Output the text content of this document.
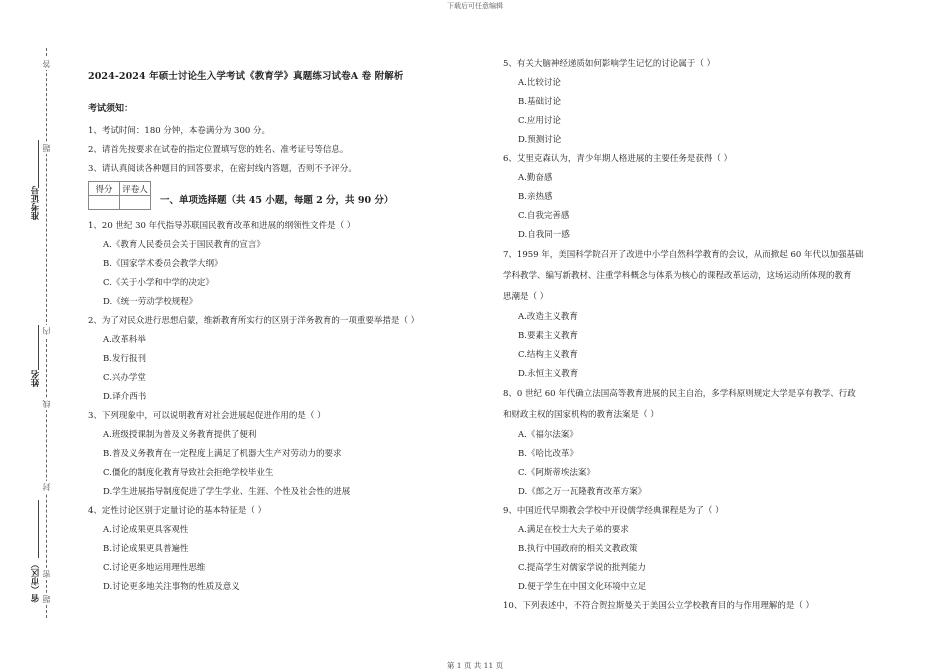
下载后可任意编辑
答
题
内
线
封
密
题
准考证号
姓名
省（市区）
2024-2024 年硕士讨论生入学考试《教育学》真题练习试卷A 卷 附解析
考试须知：
1、考试时间：180 分钟，本卷满分为 300 分。
2、请首先按要求在试卷的指定位置填写您的姓名、准考证号等信息。
3、请认真阅读各种题目的回答要求，在密封线内答题，否则不予评分。
得分	评卷人

一、单项选择题（共 45 小题，每题 2 分，共 90 分）
1、20 世纪 30 年代指导苏联国民教育改革和进展的纲领性文件是（ ）
A.《教育人民委员会关于国民教育的宣言》
B.《国家学术委员会教学大纲》
C.《关于小学和中学的决定》
D.《统一劳动学校规程》
2、为了对民众进行思想启蒙，维新教育所实行的区别于洋务教育的一项重要举措是（ ）
A.改革科举
B.发行报刊
C.兴办学堂
D.译介西书
3、下列现象中，可以说明教育对社会进展起促进作用的是（ ）
A.班级授课制为普及义务教育提供了便利
B.普及义务教育在一定程度上满足了机器大生产对劳动力的要求
C.僵化的制度化教育导致社会拒绝学校毕业生
D.学生进展指导制度促进了学生学业、生涯、个性及社会性的进展
4、定性讨论区别于定量讨论的基本特征是（ ）
A.讨论成果更具客观性
B.讨论成果更具普遍性
C.讨论更多地运用理性思维
D.讨论更多地关注事物的性质及意义
5、有关大脑神经递质如何影响学生记忆的讨论属于（ ）
A.比较讨论
B.基础讨论
C.应用讨论
D.预测讨论
6、艾里克森认为，青少年期人格进展的主要任务是获得（ ）
A.勤奋感
B.亲热感
C.自我完善感
D.自我同一感
7、1959 年，美国科学院召开了改进中小学自然科学教育的会议，从而掀起 60 年代以加强基础
学科教学、编写新教材、注重学科概念与体系为核心的课程改革运动，这场运动所体现的教育
思潮是（ ）
A.改造主义教育
B.要素主义教育
C.结构主义教育
D.永恒主义教育
8、0 世纪 60 年代确立法国高等教育进展的民主自治，多学科原则规定大学是享有教学、行政
和财政主权的国家机构的教育法案是（ ）
A.《福尔法案》
B.《哈比改革》
C.《阿斯蒂埃法案》
D.《郎之万一瓦隆教育改革方案》
9、中国近代早期教会学校中开设儒学经典课程是为了（ ）
A.满足在校士大夫子弟的要求
B.执行中国政府的相关文教政策
C.提高学生对儒家学说的批判能力
D.便于学生在中国文化环境中立足
10、下列表述中，不符合贺拉斯曼关于美国公立学校教育目的与作用理解的是（ ）
第 1 页 共 11 页
